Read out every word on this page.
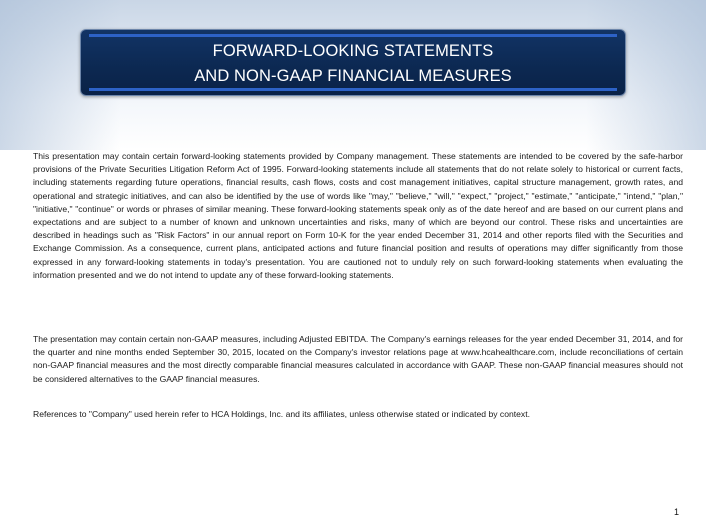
FORWARD-LOOKING STATEMENTS
AND NON-GAAP FINANCIAL MEASURES

This presentation may contain certain forward-looking statements provided by Company management. These statements are intended to be covered by the safe-harbor provisions of the Private Securities Litigation Reform Act of 1995. Forward-looking statements include all statements that do not relate solely to historical or current facts, including statements regarding future operations, financial results, cash flows, costs and cost management initiatives, capital structure management, growth rates, and operational and strategic initiatives, and can also be identified by the use of words like "may," "believe," "will," "expect," "project," "estimate," "anticipate," "intend," "plan," "initiative," "continue" or words or phrases of similar meaning. These forward-looking statements speak only as of the date hereof and are based on our current plans and expectations and are subject to a number of known and unknown uncertainties and risks, many of which are beyond our control. These risks and uncertainties are described in headings such as "Risk Factors" in our annual report on Form 10-K for the year ended December 31, 2014 and other reports filed with the Securities and Exchange Commission. As a consequence, current plans, anticipated actions and future financial position and results of operations may differ significantly from those expressed in any forward-looking statements in today's presentation. You are cautioned not to unduly rely on such forward-looking statements when evaluating the information presented and we do not intend to update any of these forward-looking statements.

The presentation may contain certain non-GAAP measures, including Adjusted EBITDA. The Company's earnings releases for the year ended December 31, 2014, and for the quarter and nine months ended September 30, 2015, located on the Company's investor relations page at www.hcahealthcare.com, include reconciliations of certain non-GAAP financial measures and the most directly comparable financial measures calculated in accordance with GAAP. These non-GAAP financial measures should not be considered alternatives to the GAAP financial measures.

References to "Company" used herein refer to HCA Holdings, Inc. and its affiliates, unless otherwise stated or indicated by context.

1
